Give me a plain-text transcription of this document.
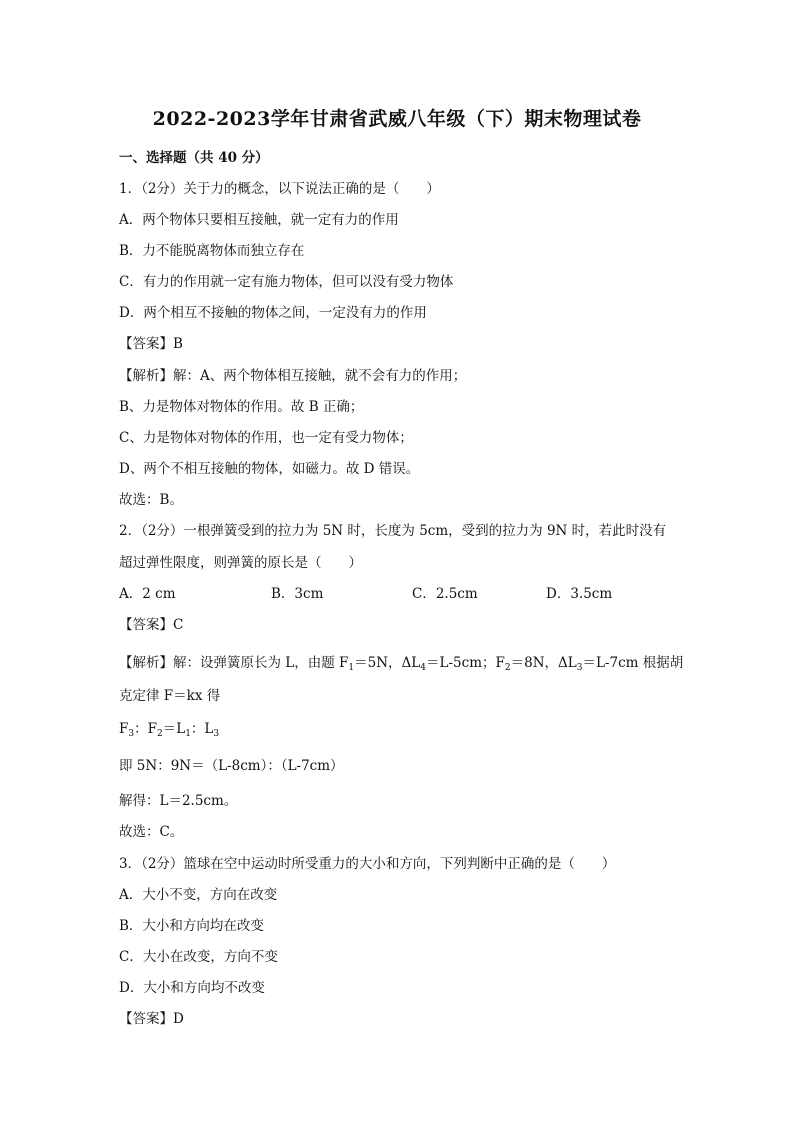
2022-2023学年甘肃省武威八年级（下）期末物理试卷
一、选择题（共 40 分）
1．（2分）关于力的概念，以下说法正确的是（　　）
A．两个物体只要相互接触，就一定有力的作用
B．力不能脱离物体而独立存在
C．有力的作用就一定有施力物体，但可以没有受力物体
D．两个相互不接触的物体之间，一定没有力的作用
【答案】B
【解析】解：A、两个物体相互接触，就不会有力的作用；
B、力是物体对物体的作用。故 B 正确；
C、力是物体对物体的作用，也一定有受力物体；
D、两个不相互接触的物体，如磁力。故 D 错误。
故选：B。
2．（2分）一根弹簧受到的拉力为 5N 时，长度为 5cm，受到的拉力为 9N 时，若此时没有
超过弹性限度，则弹簧的原长是（　　）
A．2 cm	B．3cm	C．2.5cm	D．3.5cm
【答案】C
【解析】解：设弹簧原长为 L，由题 $F_1=5N$，$\Delta L_4=L-5cm$；$F_2=8N$，$\Delta L_3=L-7cm$ 根据胡
克定律 F＝kx 得
$F_3$：$F_2=L_1$：$L_3$
即 5N：9N＝（L-8cm）：（L-7cm）
解得：L＝2.5cm。
故选：C。
3．（2分）篮球在空中运动时所受重力的大小和方向，下列判断中正确的是（　　）
A．大小不变，方向在改变
B．大小和方向均在改变
C．大小在改变，方向不变
D．大小和方向均不改变
【答案】D
